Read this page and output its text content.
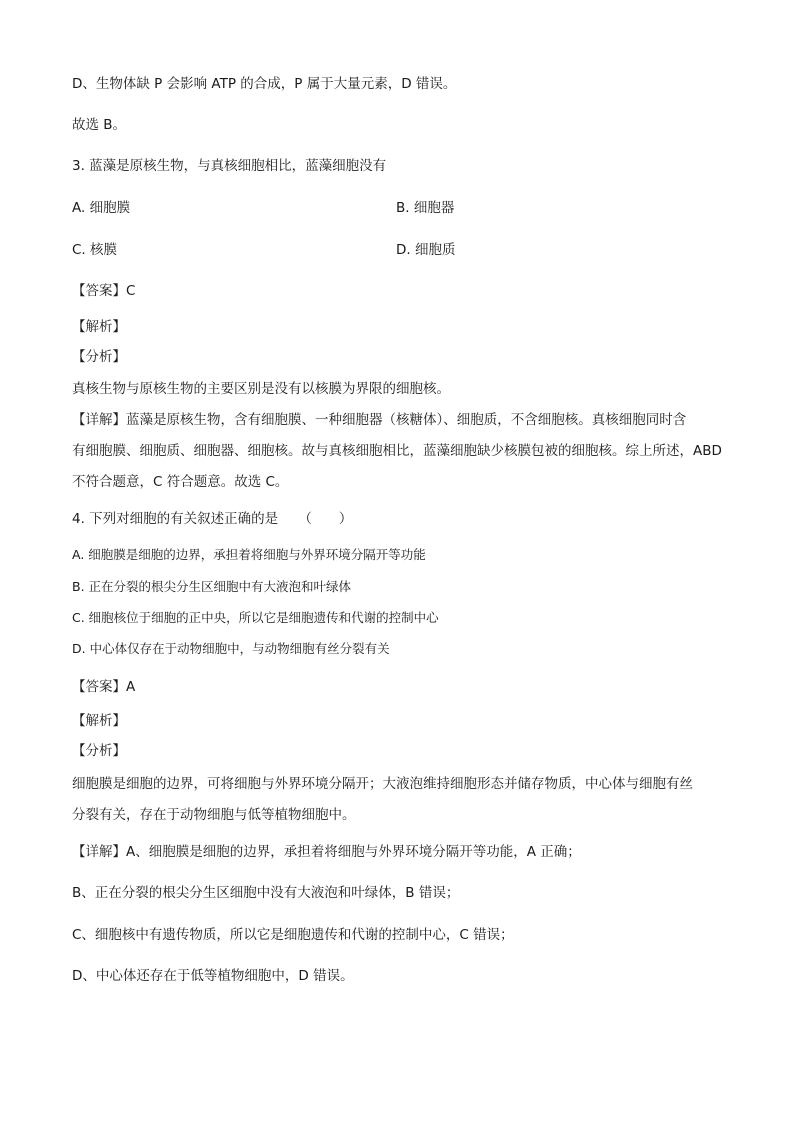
D、生物体缺 P 会影响 ATP 的合成，P 属于大量元素，D 错误。
故选 B。
3. 蓝藻是原核生物，与真核细胞相比，蓝藻细胞没有
A. 细胞膜	B. 细胞器
C. 核膜	D. 细胞质
【答案】C
【解析】
【分析】
真核生物与原核生物的主要区别是没有以核膜为界限的细胞核。
【详解】蓝藻是原核生物，含有细胞膜、一种细胞器（核糖体）、细胞质，不含细胞核。真核细胞同时含
有细胞膜、细胞质、细胞器、细胞核。故与真核细胞相比，蓝藻细胞缺少核膜包被的细胞核。综上所述，ABD
不符合题意，C 符合题意。故选 C。
4. 下列对细胞的有关叙述正确的是　　（　　）
A. 细胞膜是细胞的边界，承担着将细胞与外界环境分隔开等功能
B. 正在分裂的根尖分生区细胞中有大液泡和叶绿体
C. 细胞核位于细胞的正中央，所以它是细胞遗传和代谢的控制中心
D. 中心体仅存在于动物细胞中，与动物细胞有丝分裂有关
【答案】A
【解析】
【分析】
细胞膜是细胞的边界，可将细胞与外界环境分隔开；大液泡维持细胞形态并储存物质，中心体与细胞有丝
分裂有关，存在于动物细胞与低等植物细胞中。
【详解】A、细胞膜是细胞的边界，承担着将细胞与外界环境分隔开等功能，A 正确；
B、正在分裂的根尖分生区细胞中没有大液泡和叶绿体，B 错误；
C、细胞核中有遗传物质，所以它是细胞遗传和代谢的控制中心，C 错误；
D、中心体还存在于低等植物细胞中，D 错误。
